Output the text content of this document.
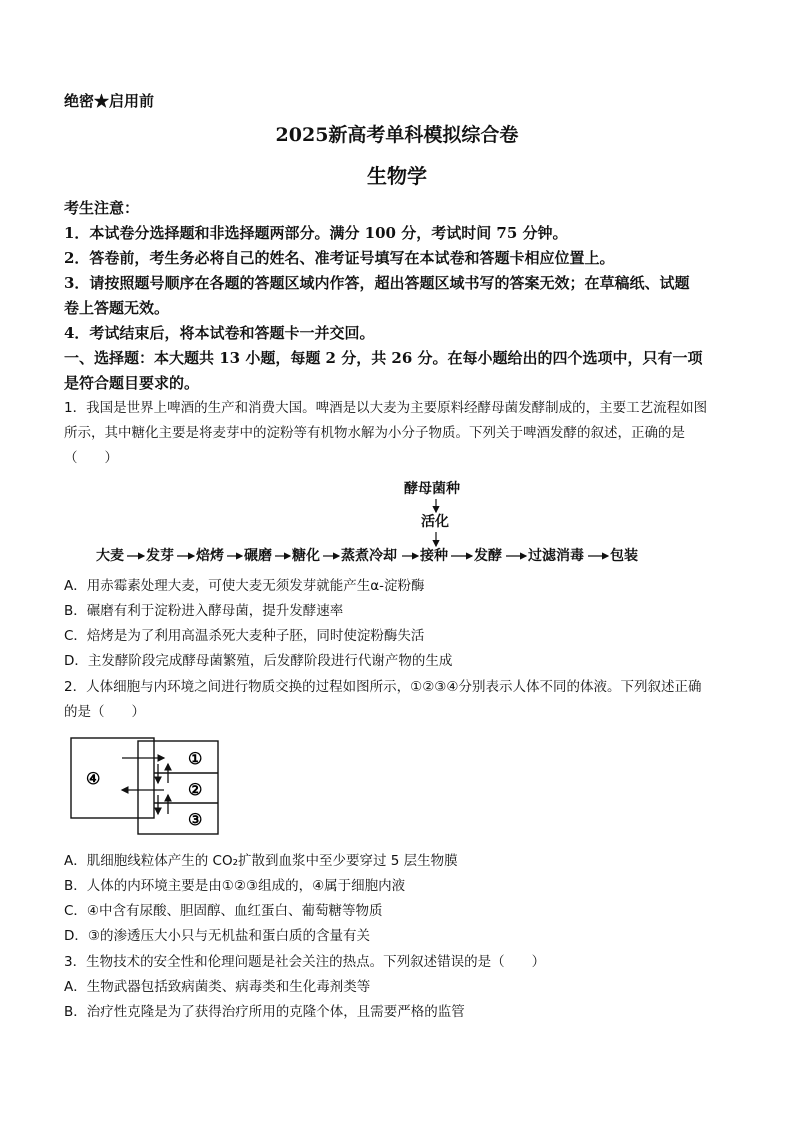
绝密★启用前
2025新高考单科模拟综合卷
生物学
考生注意：
1．本试卷分选择题和非选择题两部分。满分 100 分，考试时间 75 分钟。
2．答卷前，考生务必将自己的姓名、准考证号填写在本试卷和答题卡相应位置上。
3．请按照题号顺序在各题的答题区域内作答，超出答题区域书写的答案无效；在草稿纸、试题
卷上答题无效。
4．考试结束后，将本试卷和答题卡一并交回。
一、选择题：本大题共 13 小题，每题 2 分，共 26 分。在每小题给出的四个选项中，只有一项
是符合题目要求的。
1．我国是世界上啤酒的生产和消费大国。啤酒是以大麦为主要原料经酵母菌发酵制成的，主要工艺流程如图
所示，其中糖化主要是将麦芽中的淀粉等有机物水解为小分子物质。下列关于啤酒发酵的叙述，正确的是
（　　）
酵母菌种
活化
大麦 发芽 焙烤 碾磨 糖化 蒸煮冷却 接种 发酵 过滤消毒 包装
A．用赤霉素处理大麦，可使大麦无须发芽就能产生α-淀粉酶
B．碾磨有利于淀粉进入酵母菌，提升发酵速率
C．焙烤是为了利用高温杀死大麦种子胚，同时使淀粉酶失活
D．主发酵阶段完成酵母菌繁殖，后发酵阶段进行代谢产物的生成
2．人体细胞与内环境之间进行物质交换的过程如图所示，①②③④分别表示人体不同的体液。下列叙述正确
的是（　　）
④
①
②
③
A．肌细胞线粒体产生的 CO₂扩散到血浆中至少要穿过 5 层生物膜
B．人体的内环境主要是由①②③组成的，④属于细胞内液
C．④中含有尿酸、胆固醇、血红蛋白、葡萄糖等物质
D．③的渗透压大小只与无机盐和蛋白质的含量有关
3．生物技术的安全性和伦理问题是社会关注的热点。下列叙述错误的是（　　）
A．生物武器包括致病菌类、病毒类和生化毒剂类等
B．治疗性克隆是为了获得治疗所用的克隆个体，且需要严格的监管
